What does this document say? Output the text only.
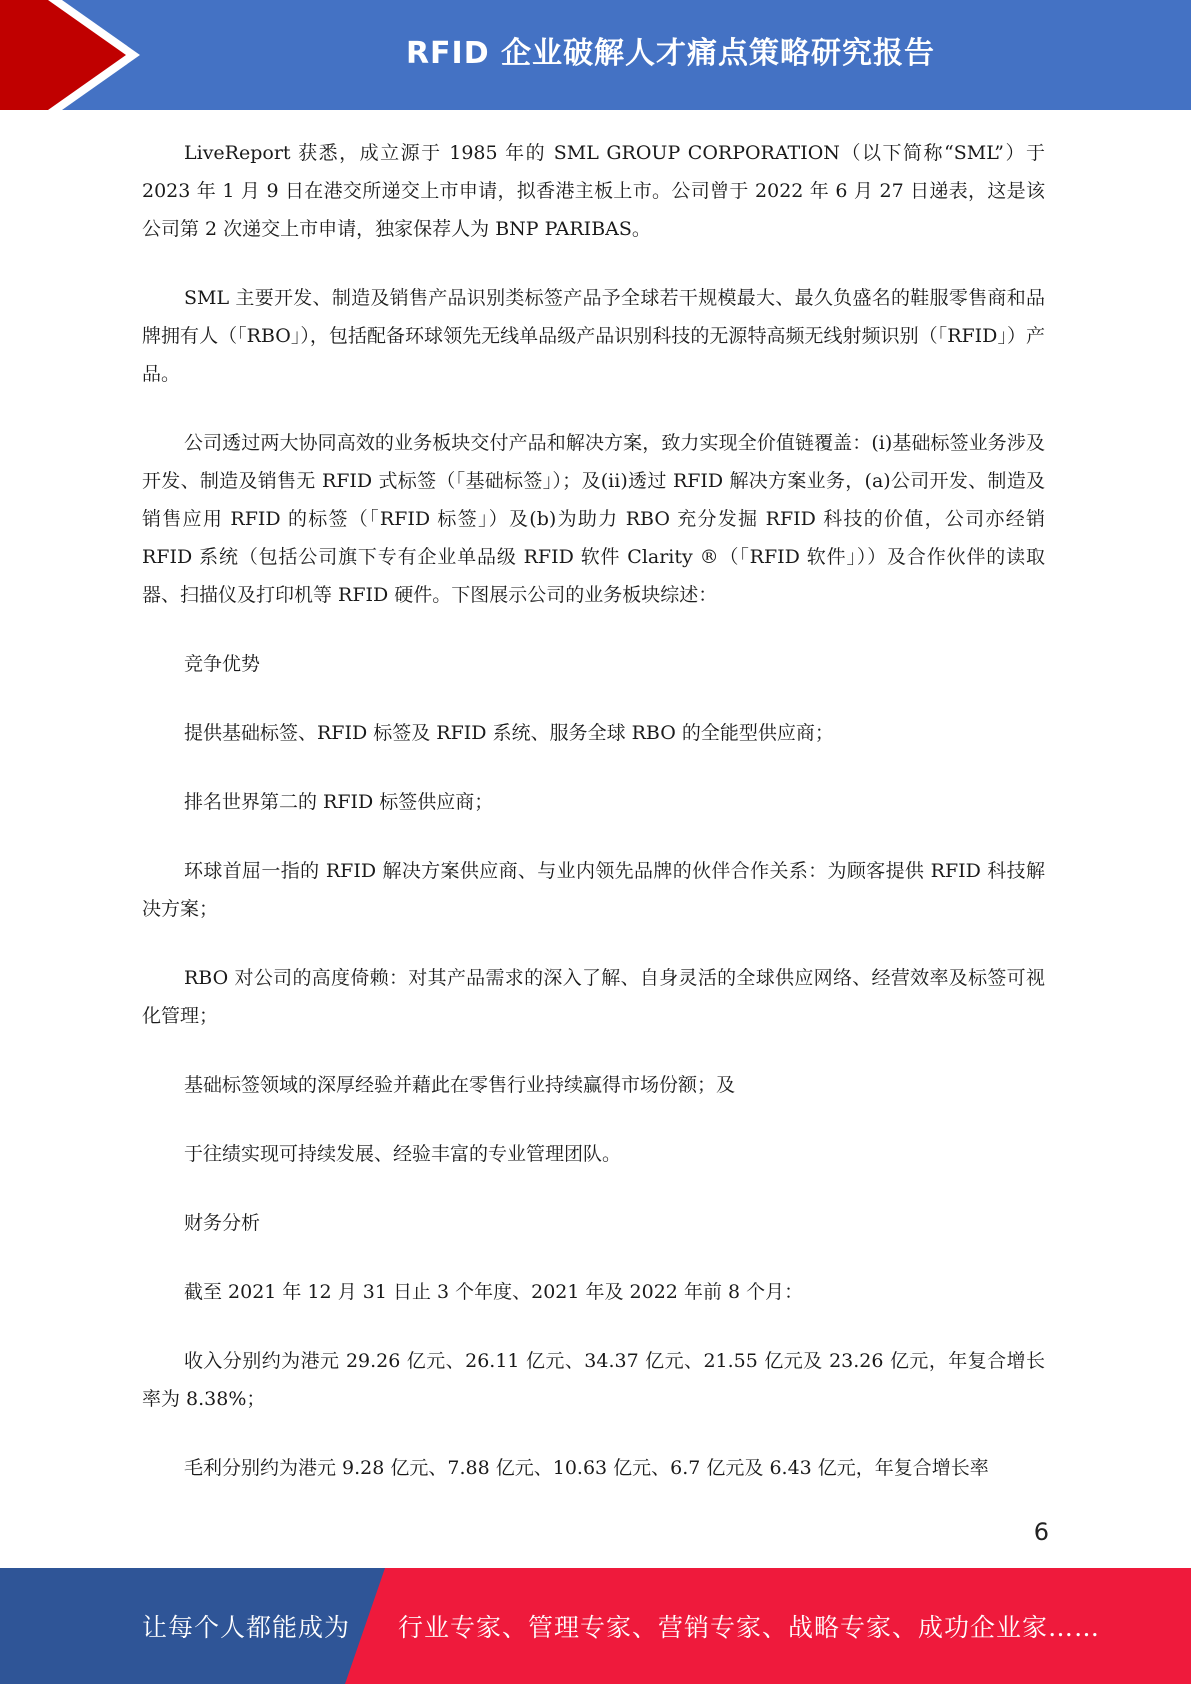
RFID 企业破解人才痛点策略研究报告

LiveReport 获悉，成立源于 1985 年的 SML GROUP CORPORATION（以下简称“SML”）于 2023 年 1 月 9 日在港交所递交上市申请，拟香港主板上市。公司曾于 2022 年 6 月 27 日递表，这是该公司第 2 次递交上市申请，独家保荐人为 BNP PARIBAS。

SML 主要开发、制造及销售产品识别类标签产品予全球若干规模最大、最久负盛名的鞋服零售商和品牌拥有人（「RBO」），包括配备环球领先无线单品级产品识别科技的无源特高频无线射频识别（「RFID」）产品。

公司透过两大协同高效的业务板块交付产品和解决方案，致力实现全价值链覆盖：(i)基础标签业务涉及开发、制造及销售无 RFID 式标签（「基础标签」）；及(ii)透过 RFID 解决方案业务，(a)公司开发、制造及销售应用 RFID 的标签（「RFID 标签」）及(b)为助力 RBO 充分发掘 RFID 科技的价值，公司亦经销 RFID 系统（包括公司旗下专有企业单品级 RFID 软件 Clarity ®（「RFID 软件」））及合作伙伴的读取器、扫描仪及打印机等 RFID 硬件。下图展示公司的业务板块综述：

竞争优势

提供基础标签、RFID 标签及 RFID 系统、服务全球 RBO 的全能型供应商；

排名世界第二的 RFID 标签供应商；

环球首屈一指的 RFID 解决方案供应商、与业内领先品牌的伙伴合作关系：为顾客提供 RFID 科技解决方案；

RBO 对公司的高度倚赖：对其产品需求的深入了解、自身灵活的全球供应网络、经营效率及标签可视化管理；

基础标签领域的深厚经验并藉此在零售行业持续赢得市场份额；及

于往绩实现可持续发展、经验丰富的专业管理团队。

财务分析

截至 2021 年 12 月 31 日止 3 个年度、2021 年及 2022 年前 8 个月：

收入分别约为港元 29.26 亿元、26.11 亿元、34.37 亿元、21.55 亿元及 23.26 亿元，年复合增长率为 8.38%；

毛利分别约为港元 9.28 亿元、7.88 亿元、10.63 亿元、6.7 亿元及 6.43 亿元，年复合增长率

6
让每个人都能成为 行业专家、管理专家、营销专家、战略专家、成功企业家……
